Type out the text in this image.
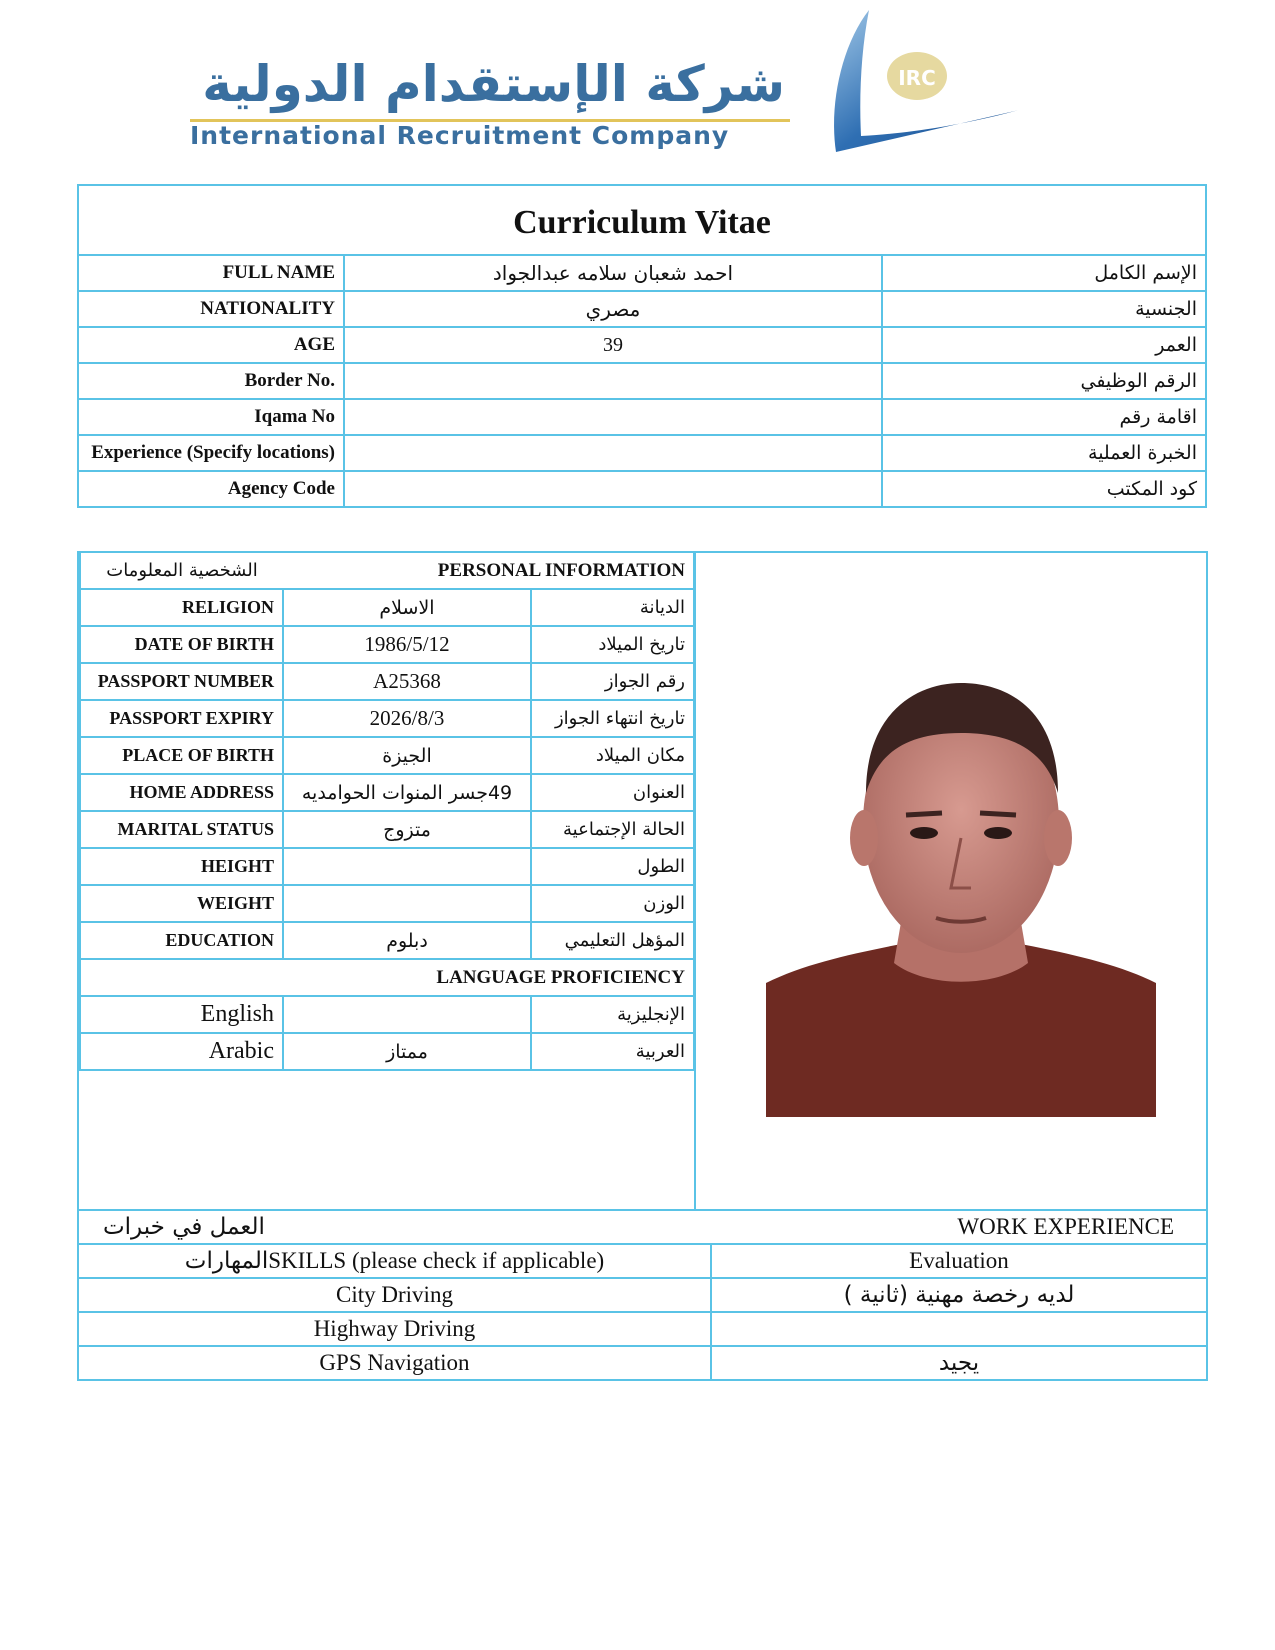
شركة الإستقدام الدولية
International Recruitment Company
IRC
Curriculum Vitae		
FULL NAME	احمد شعبان سلامه عبدالجواد	الإسم الكامل
NATIONALITY	مصري	الجنسية
AGE	39	العمر
Border No.		الرقم الوظيفي
Iqama No		اقامة رقم
Experience (Specify locations)		الخبرة العملية
Agency Code		كود المكتب
الشخصية المعلومات	PERSONAL INFORMATION	
RELIGION	الاسلام	الديانة
DATE OF BIRTH	1986/5/12	تاريخ الميلاد
PASSPORT NUMBER	A25368	رقم الجواز
PASSPORT EXPIRY	2026/8/3	تاريخ انتهاء الجواز
PLACE OF BIRTH	الجيزة	مكان الميلاد
HOME ADDRESS	49جسر المنوات الحوامديه	العنوان
MARITAL STATUS	متزوج	الحالة الإجتماعية
HEIGHT		الطول
WEIGHT		الوزن
EDUCATION	دبلوم	المؤهل التعليمي
LANGUAGE PROFICIENCY		
English		الإنجليزية
Arabic	ممتاز	العربية
العمل في خبرات	WORK EXPERIENCE
المهاراتSKILLS (please check if applicable)	Evaluation
City Driving	لديه رخصة مهنية (ثانية )
Highway Driving	
GPS Navigation	يجيد
